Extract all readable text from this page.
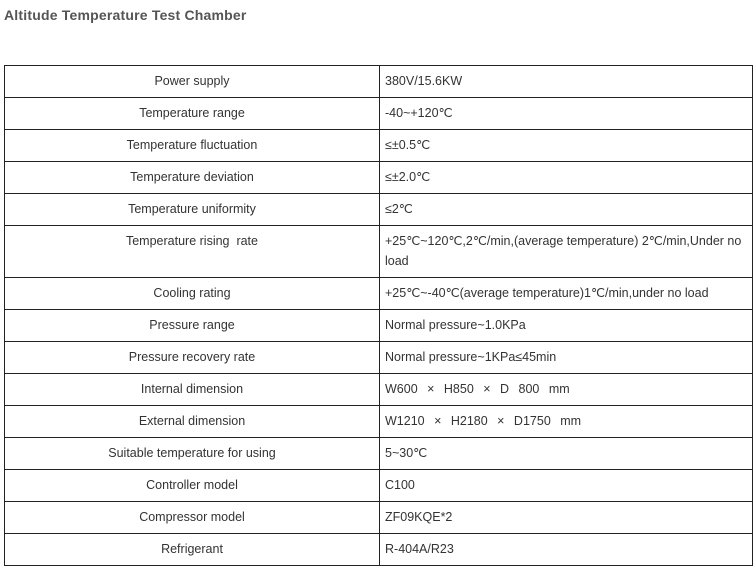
Altitude Temperature Test Chamber
Power supply	380V/15.6KW
Temperature range	-40~+120℃
Temperature fluctuation	≤±0.5℃
Temperature deviation	≤±2.0℃
Temperature uniformity	≤2℃
Temperature rising  rate	+25℃~120℃,2℃/min,(average temperature) 2℃/min,Under no load
Cooling rating	+25℃~-40℃(average temperature)1℃/min,under no load
Pressure range	Normal pressure~1.0KPa
Pressure recovery rate	Normal pressure~1KPa≤45min
Internal dimension	W600 × H850 × D 800 mm
External dimension	W1210 × H2180 × D1750 mm
Suitable temperature for using	5~30℃
Controller model	C100
Compressor model	ZF09KQE*2
Refrigerant	R-404A/R23
